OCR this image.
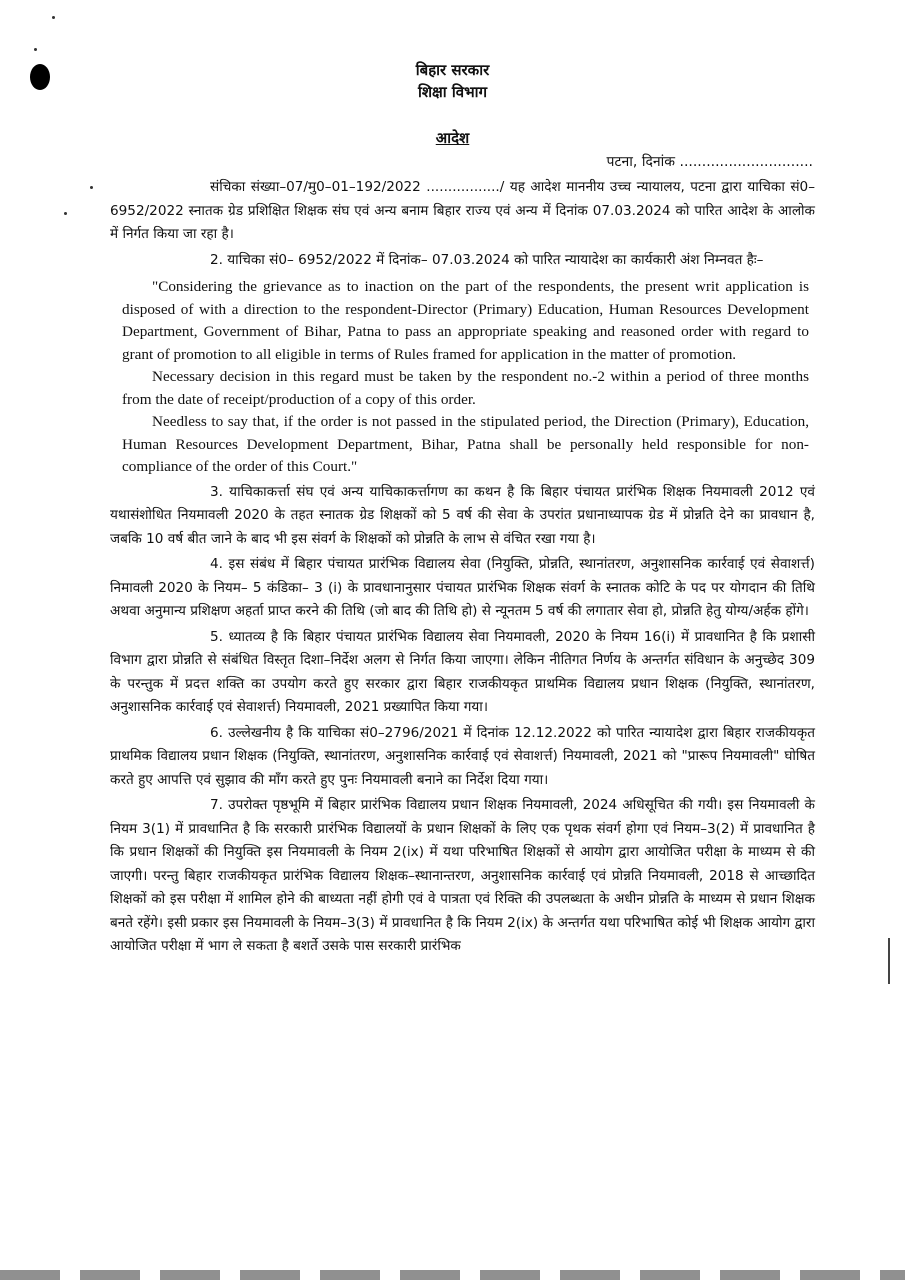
बिहार सरकार
शिक्षा विभाग
आदेश
पटना, दिनांक ..............................

संचिका संख्या–07/मु0–01–192/2022 ................./ यह आदेश माननीय उच्च न्यायालय, पटना द्वारा याचिका सं0–6952/2022 स्नातक ग्रेड प्रशिक्षित शिक्षक संघ एवं अन्य बनाम बिहार राज्य एवं अन्य में दिनांक 07.03.2024 को पारित आदेश के आलोक में निर्गत किया जा रहा है।

2. याचिका सं0– 6952/2022 में दिनांक– 07.03.2024 को पारित न्यायादेश का कार्यकारी अंश निम्नवत हैः–

"Considering the grievance as to inaction on the part of the respondents, the present writ application is disposed of with a direction to the respondent-Director (Primary) Education, Human Resources Development Department, Government of Bihar, Patna to pass an appropriate speaking and reasoned order with regard to grant of promotion to all eligible in terms of Rules framed for application in the matter of promotion.

Necessary decision in this regard must be taken by the respondent no.-2 within a period of three months from the date of receipt/production of a copy of this order.

Needless to say that, if the order is not passed in the stipulated period, the Direction (Primary), Education, Human Resources Development Department, Bihar, Patna shall be personally held responsible for non-compliance of the order of this Court."

3. याचिकाकर्त्ता संघ एवं अन्य याचिकाकर्त्तागण का कथन है कि बिहार पंचायत प्रारंभिक शिक्षक नियमावली 2012 एवं यथासंशोधित नियमावली 2020 के तहत स्नातक ग्रेड शिक्षकों को 5 वर्ष की सेवा के उपरांत प्रधानाध्यापक ग्रेड में प्रोन्नति देने का प्रावधान है, जबकि 10 वर्ष बीत जाने के बाद भी इस संवर्ग के शिक्षकों को प्रोन्नति के लाभ से वंचित रखा गया है।

4. इस संबंध में बिहार पंचायत प्रारंभिक विद्यालय सेवा (नियुक्ति, प्रोन्नति, स्थानांतरण, अनुशासनिक कार्रवाई एवं सेवाशर्त्त) निमावली 2020 के नियम– 5 कंडिका– 3 (i) के प्रावधानानुसार पंचायत प्रारंभिक शिक्षक संवर्ग के स्नातक कोटि के पद पर योगदान की तिथि अथवा अनुमान्य प्रशिक्षण अहर्ता प्राप्त करने की तिथि (जो बाद की तिथि हो) से न्यूनतम 5 वर्ष की लगातार सेवा हो, प्रोन्नति हेतु योग्य/अर्हक होंगे।

5. ध्यातव्य है कि बिहार पंचायत प्रारंभिक विद्यालय सेवा नियमावली, 2020 के नियम 16(i) में प्रावधानित है कि प्रशासी विभाग द्वारा प्रोन्नति से संबंधित विस्तृत दिशा–निर्देश अलग से निर्गत किया जाएगा। लेकिन नीतिगत निर्णय के अन्तर्गत संविधान के अनुच्छेद 309 के परन्तुक में प्रदत्त शक्ति का उपयोग करते हुए सरकार द्वारा बिहार राजकीयकृत प्राथमिक विद्यालय प्रधान शिक्षक (नियुक्ति, स्थानांतरण, अनुशासनिक कार्रवाई एवं सेवाशर्त्त) नियमावली, 2021 प्रख्यापित किया गया।

6. उल्लेखनीय है कि याचिका सं0–2796/2021 में दिनांक 12.12.2022 को पारित न्यायादेश द्वारा बिहार राजकीयकृत प्राथमिक विद्यालय प्रधान शिक्षक (नियुक्ति, स्थानांतरण, अनुशासनिक कार्रवाई एवं सेवाशर्त्त) नियमावली, 2021 को "प्रारूप नियमावली" घोषित करते हुए आपत्ति एवं सुझाव की माँग करते हुए पुनः नियमावली बनाने का निर्देश दिया गया।

7. उपरोक्त पृष्ठभूमि में बिहार प्रारंभिक विद्यालय प्रधान शिक्षक नियमावली, 2024 अधिसूचित की गयी। इस नियमावली के नियम 3(1) में प्रावधानित है कि सरकारी प्रारंभिक विद्यालयों के प्रधान शिक्षकों के लिए एक पृथक संवर्ग होगा एवं नियम–3(2) में प्रावधानित है कि प्रधान शिक्षकों की नियुक्ति इस नियमावली के नियम 2(ix) में यथा परिभाषित शिक्षकों से आयोग द्वारा आयोजित परीक्षा के माध्यम से की जाएगी। परन्तु बिहार राजकीयकृत प्रारंभिक विद्यालय शिक्षक–स्थानान्तरण, अनुशासनिक कार्रवाई एवं प्रोन्नति नियमावली, 2018 से आच्छादित शिक्षकों को इस परीक्षा में शामिल होने की बाध्यता नहीं होगी एवं वे पात्रता एवं रिक्ति की उपलब्धता के अधीन प्रोन्नति के माध्यम से प्रधान शिक्षक बनते रहेंगे। इसी प्रकार इस नियमावली के नियम–3(3) में प्रावधानित है कि नियम 2(ix) के अन्तर्गत यथा परिभाषित कोई भी शिक्षक आयोग द्वारा आयोजित परीक्षा में भाग ले सकता है बशर्ते उसके पास सरकारी प्रारंभिक
